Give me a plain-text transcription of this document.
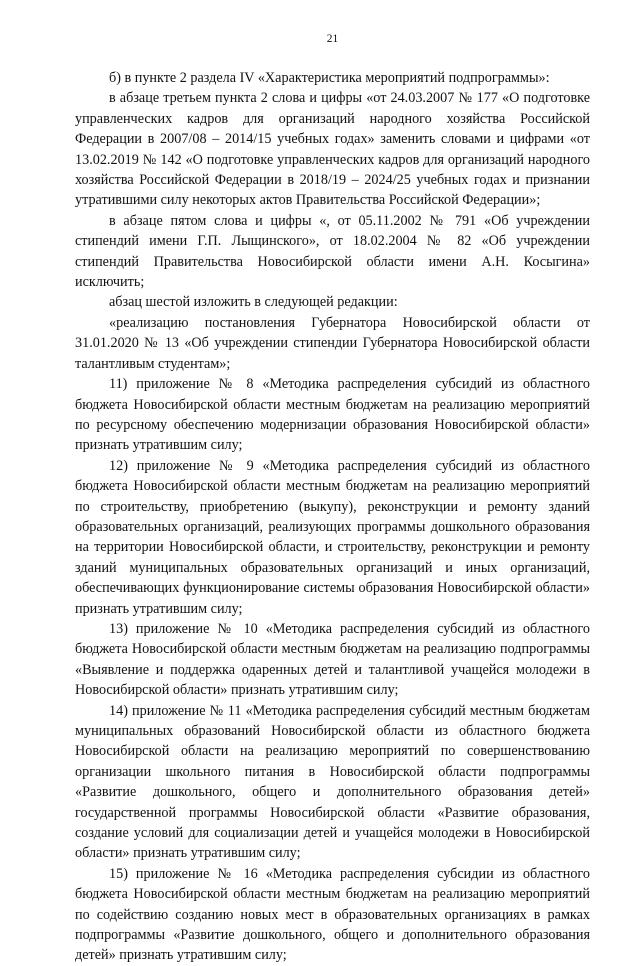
21

б) в пункте 2 раздела IV «Характеристика мероприятий подпрограммы»:

в абзаце третьем пункта 2 слова и цифры «от 24.03.2007 № 177 «О подготовке управленческих кадров для организаций народного хозяйства Российской Федерации в 2007/08 – 2014/15 учебных годах» заменить словами и цифрами «от 13.02.2019 № 142 «О подготовке управленческих кадров для организаций народного хозяйства Российской Федерации в 2018/19 – 2024/25 учебных годах и признании утратившими силу некоторых актов Правительства Российской Федерации»;

в абзаце пятом слова и цифры «, от 05.11.2002 № 791 «Об учреждении стипендий имени Г.П. Лыщинского», от 18.02.2004 № 82 «Об учреждении стипендий Правительства Новосибирской области имени А.Н. Косыгина» исключить;

абзац шестой изложить в следующей редакции:

«реализацию постановления Губернатора Новосибирской области от 31.01.2020 № 13 «Об учреждении стипендии Губернатора Новосибирской области талантливым студентам»;

11) приложение № 8 «Методика распределения субсидий из областного бюджета Новосибирской области местным бюджетам на реализацию мероприятий по ресурсному обеспечению модернизации образования Новосибирской области» признать утратившим силу;

12) приложение № 9 «Методика распределения субсидий из областного бюджета Новосибирской области местным бюджетам на реализацию мероприятий по строительству, приобретению (выкупу), реконструкции и ремонту зданий образовательных организаций, реализующих программы дошкольного образования на территории Новосибирской области, и строительству, реконструкции и ремонту зданий муниципальных образовательных организаций и иных организаций, обеспечивающих функционирование системы образования Новосибирской области» признать утратившим силу;

13) приложение № 10 «Методика распределения субсидий из областного бюджета Новосибирской области местным бюджетам на реализацию подпрограммы «Выявление и поддержка одаренных детей и талантливой учащейся молодежи в Новосибирской области» признать утратившим силу;

14) приложение № 11 «Методика распределения субсидий местным бюджетам муниципальных образований Новосибирской области из областного бюджета Новосибирской области на реализацию мероприятий по совершенствованию организации школьного питания в Новосибирской области подпрограммы «Развитие дошкольного, общего и дополнительного образования детей» государственной программы Новосибирской области «Развитие образования, создание условий для социализации детей и учащейся молодежи в Новосибирской области» признать утратившим силу;

15) приложение № 16 «Методика распределения субсидии из областного бюджета Новосибирской области местным бюджетам на реализацию мероприятий по содействию созданию новых мест в образовательных организациях в рамках подпрограммы «Развитие дошкольного, общего и дополнительного образования детей» признать утратившим силу;
